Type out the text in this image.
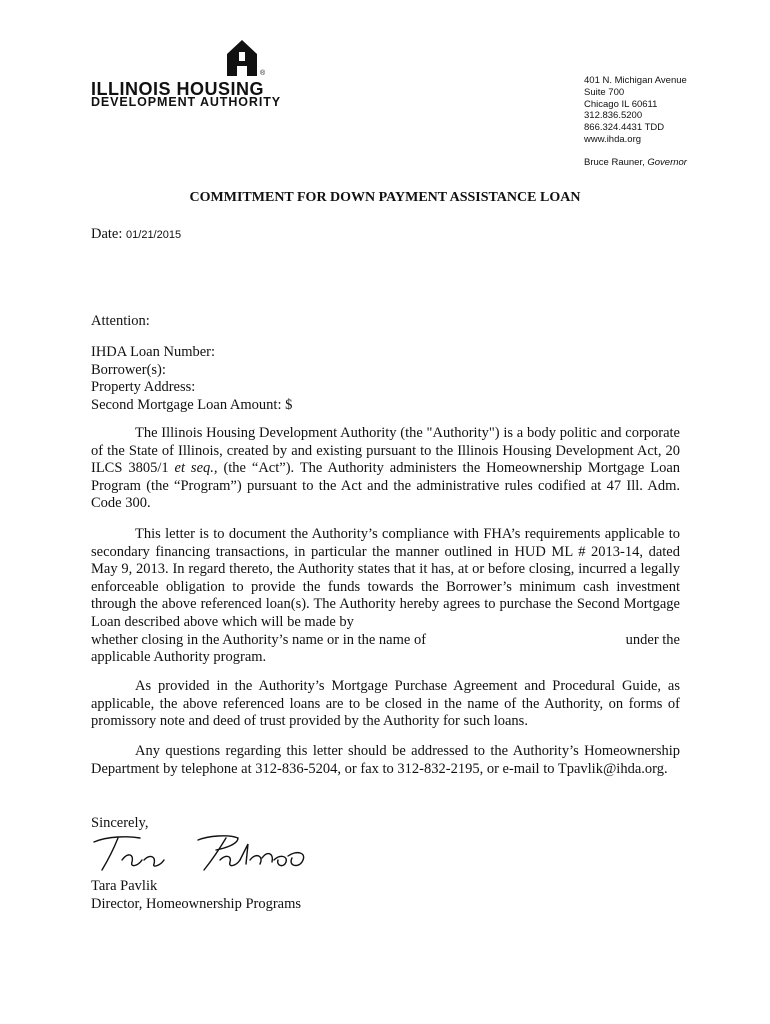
®
ILLINOIS HOUSING
DEVELOPMENT AUTHORITY
401 N. Michigan Avenue
Suite 700
Chicago IL 60611
312.836.5200
866.324.4431 TDD
www.ihda.org
Bruce Rauner, Governor
COMMITMENT FOR DOWN PAYMENT ASSISTANCE LOAN
Date: 01/21/2015
Attention:
IHDA Loan Number:
Borrower(s):
Property Address:
Second Mortgage Loan Amount: $

The Illinois Housing Development Authority (the "Authority") is a body politic and corporate of the State of Illinois, created by and existing pursuant to the Illinois Housing Development Act, 20 ILCS 3805/1 et seq., (the “Act”). The Authority administers the Homeownership Mortgage Loan Program (the “Program”) pursuant to the Act and the administrative rules codified at 47 Ill. Adm. Code 300.

This letter is to document the Authority’s compliance with FHA’s requirements applicable to secondary financing transactions, in particular the manner outlined in HUD ML # 2013-14, dated May 9, 2013. In regard thereto, the Authority states that it has, at or before closing, incurred a legally enforceable obligation to provide the funds towards the Borrower’s minimum cash investment through the above referenced loan(s). The Authority hereby agrees to purchase the Second Mortgage Loan described above which will be made by

whether closing in the Authority’s name or in the name of	under the
applicable Authority program.

As provided in the Authority’s Mortgage Purchase Agreement and Procedural Guide, as applicable, the above referenced loans are to be closed in the name of the Authority, on forms of promissory note and deed of trust provided by the Authority for such loans.

Any questions regarding this letter should be addressed to the Authority’s Homeownership Department by telephone at 312-836-5204, or fax to 312-832-2195, or e-mail to Tpavlik@ihda.org.

Sincerely,
Tara Pavlik
Director, Homeownership Programs
